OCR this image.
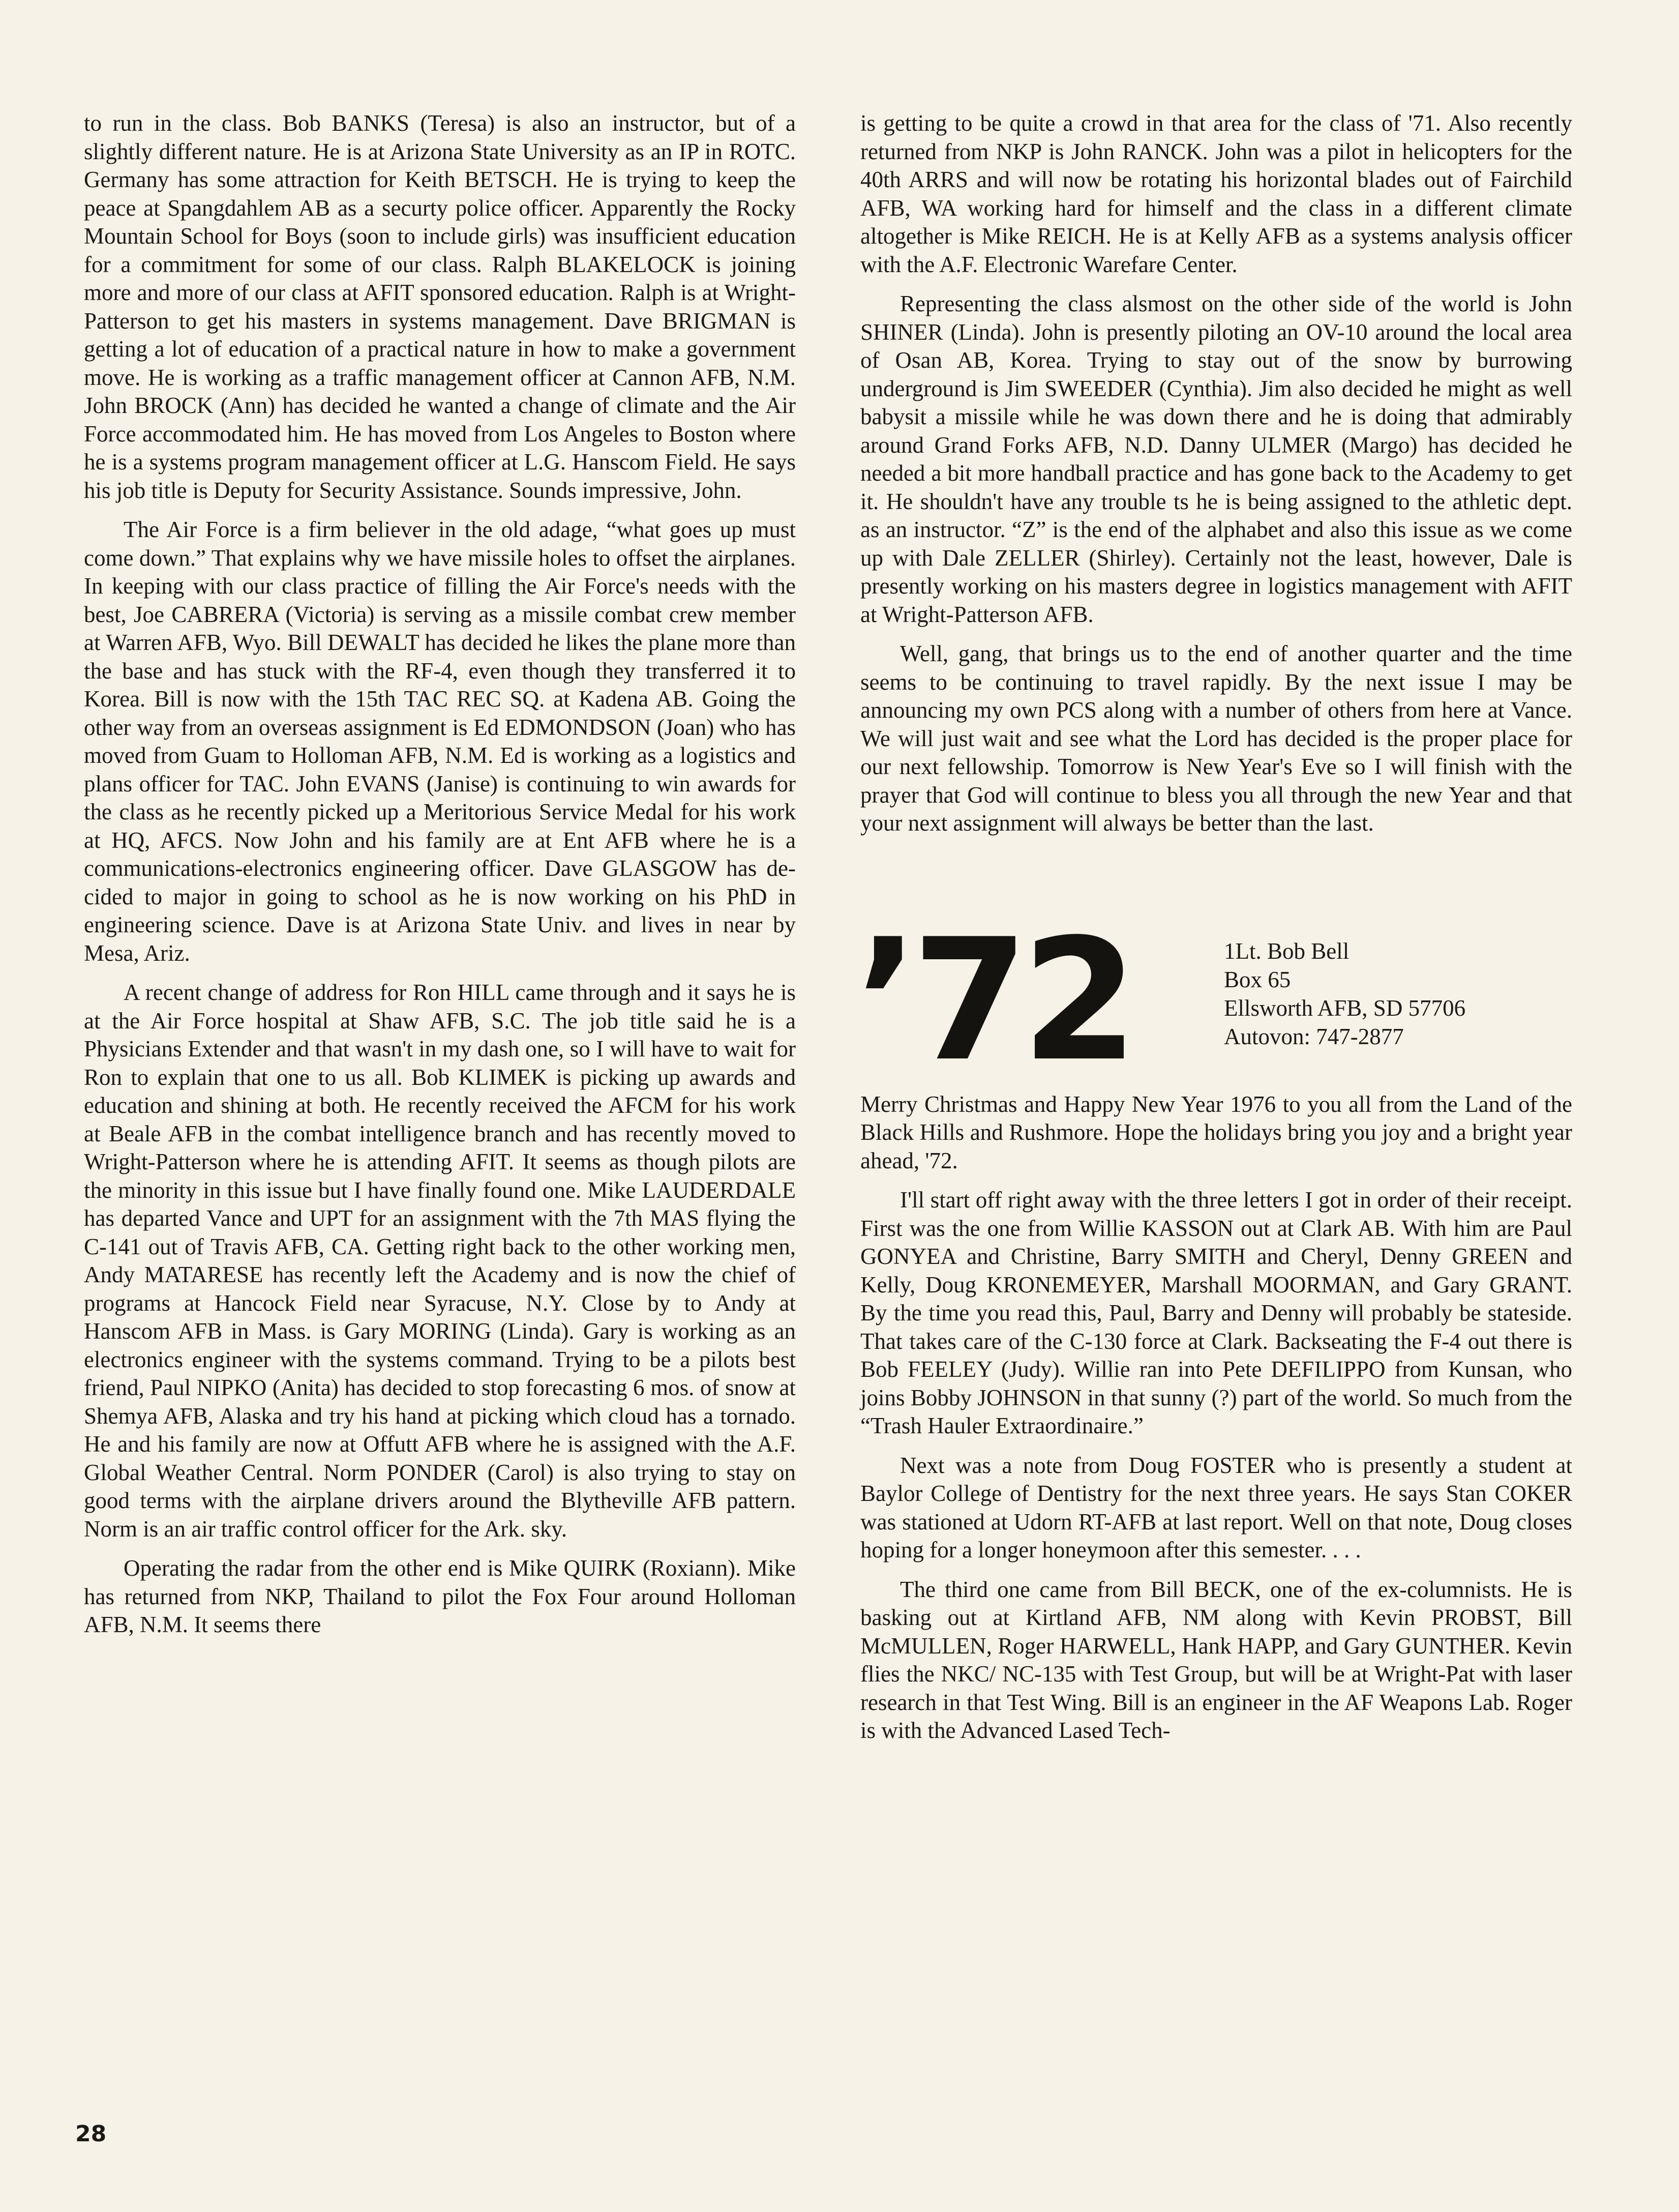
to run in the class. Bob BANKS (Teresa) is also an instructor, but of a slightly different nature. He is at Arizona State University as an IP in ROTC. Germany has some attraction for Keith BETSCH. He is trying to keep the peace at Spangdahlem AB as a securty police officer. Apparently the Rocky Mountain School for Boys (soon to include girls) was insufficient education for a commitment for some of our class. Ralph BLAKELOCK is joining more and more of our class at AFIT sponsored education. Ralph is at Wright-Patterson to get his masters in systems management. Dave BRIGMAN is getting a lot of education of a practical nature in how to make a government move. He is working as a traffic management officer at Cannon AFB, N.M. John BROCK (Ann) has decided he wanted a change of climate and the Air Force accommodated him. He has moved from Los Angeles to Boston where he is a systems program management officer at L.G. Hanscom Field. He says his job title is Deputy for Security Assistance. Sounds impressive, John.

The Air Force is a firm believer in the old adage, “what goes up must come down.” That explains why we have missile holes to offset the airplanes. In keeping with our class practice of filling the Air Force's needs with the best, Joe CABRERA (Victoria) is serving as a missile combat crew member at Warren AFB, Wyo. Bill DEWALT has decided he likes the plane more than the base and has stuck with the RF-4, even though they transferred it to Korea. Bill is now with the 15th TAC REC SQ. at Kadena AB. Going the other way from an overseas assignment is Ed EDMONDSON (Joan) who has moved from Guam to Holloman AFB, N.M. Ed is working as a logistics and plans officer for TAC. John EVANS (Janise) is continuing to win awards for the class as he recently picked up a Meritorious Service Medal for his work at HQ, AFCS. Now John and his family are at Ent AFB where he is a communications-electronics engineering officer. Dave GLASGOW has decided to major in going to school as he is now working on his PhD in engineering science. Dave is at Arizona State Univ. and lives in near by Mesa, Ariz.

A recent change of address for Ron HILL came through and it says he is at the Air Force hospital at Shaw AFB, S.C. The job title said he is a Physicians Extender and that wasn't in my dash one, so I will have to wait for Ron to explain that one to us all. Bob KLIMEK is picking up awards and education and shining at both. He recently received the AFCM for his work at Beale AFB in the combat intelligence branch and has recently moved to Wright-Patterson where he is attending AFIT. It seems as though pilots are the minority in this issue but I have finally found one. Mike LAUDERDALE has departed Vance and UPT for an assignment with the 7th MAS flying the C-141 out of Travis AFB, CA. Getting right back to the other working men, Andy MATARESE has recently left the Academy and is now the chief of programs at Hancock Field near Syracuse, N.Y. Close by to Andy at Hanscom AFB in Mass. is Gary MORING (Linda). Gary is working as an electronics engineer with the systems command. Trying to be a pilots best friend, Paul NIPKO (Anita) has decided to stop forecasting 6 mos. of snow at Shemya AFB, Alaska and try his hand at picking which cloud has a tornado. He and his family are now at Offutt AFB where he is assigned with the A.F. Global Weather Central. Norm PONDER (Carol) is also trying to stay on good terms with the airplane drivers around the Blytheville AFB pattern. Norm is an air traffic control officer for the Ark. sky.

Operating the radar from the other end is Mike QUIRK (Roxiann). Mike has returned from NKP, Thailand to pilot the Fox Four around Holloman AFB, N.M. It seems there

is getting to be quite a crowd in that area for the class of '71. Also recently returned from NKP is John RANCK. John was a pilot in helicopters for the 40th ARRS and will now be rotating his horizontal blades out of Fairchild AFB, WA working hard for himself and the class in a different climate altogether is Mike REICH. He is at Kelly AFB as a systems analysis officer with the A.F. Electronic Warefare Center.

Representing the class alsmost on the other side of the world is John SHINER (Linda). John is presently piloting an OV-10 around the local area of Osan AB, Korea. Trying to stay out of the snow by burrowing underground is Jim SWEEDER (Cynthia). Jim also decided he might as well babysit a missile while he was down there and he is doing that admirably around Grand Forks AFB, N.D. Danny ULMER (Margo) has decided he needed a bit more handball practice and has gone back to the Academy to get it. He shouldn't have any trouble ts he is being assigned to the athletic dept. as an instructor. “Z” is the end of the alphabet and also this issue as we come up with Dale ZELLER (Shirley). Certainly not the least, however, Dale is presently working on his masters degree in logistics management with AFIT at Wright-Patterson AFB.

Well, gang, that brings us to the end of another quarter and the time seems to be continuing to travel rapidly. By the next issue I may be announcing my own PCS along with a number of others from here at Vance. We will just wait and see what the Lord has decided is the proper place for our next fellowship. Tomorrow is New Year's Eve so I will finish with the prayer that God will continue to bless you all through the new Year and that your next assignment will always be better than the last.

’72	1Lt. Bob Bell
Box 65
Ellsworth AFB, SD 57706
Autovon: 747-2877

Merry Christmas and Happy New Year 1976 to you all from the Land of the Black Hills and Rushmore. Hope the holidays bring you joy and a bright year ahead, '72.

I'll start off right away with the three letters I got in order of their receipt. First was the one from Willie KASSON out at Clark AB. With him are Paul GONYEA and Christine, Barry SMITH and Cheryl, Denny GREEN and Kelly, Doug KRONEMEYER, Marshall MOORMAN, and Gary GRANT. By the time you read this, Paul, Barry and Denny will probably be stateside. That takes care of the C-130 force at Clark. Backseating the F-4 out there is Bob FEELEY (Judy). Willie ran into Pete DEFILIPPO from Kunsan, who joins Bobby JOHNSON in that sunny (?) part of the world. So much from the “Trash Hauler Extraordinaire.”

Next was a note from Doug FOSTER who is presently a student at Baylor College of Dentistry for the next three years. He says Stan COKER was stationed at Udorn RT-AFB at last report. Well on that note, Doug closes hoping for a longer honeymoon after this semester. . . .

The third one came from Bill BECK, one of the ex-columnists. He is basking out at Kirtland AFB, NM along with Kevin PROBST, Bill McMULLEN, Roger HARWELL, Hank HAPP, and Gary GUNTHER. Kevin flies the NKC/ NC-135 with Test Group, but will be at Wright-Pat with laser research in that Test Wing. Bill is an engineer in the AF Weapons Lab. Roger is with the Advanced Lased Tech-

28
